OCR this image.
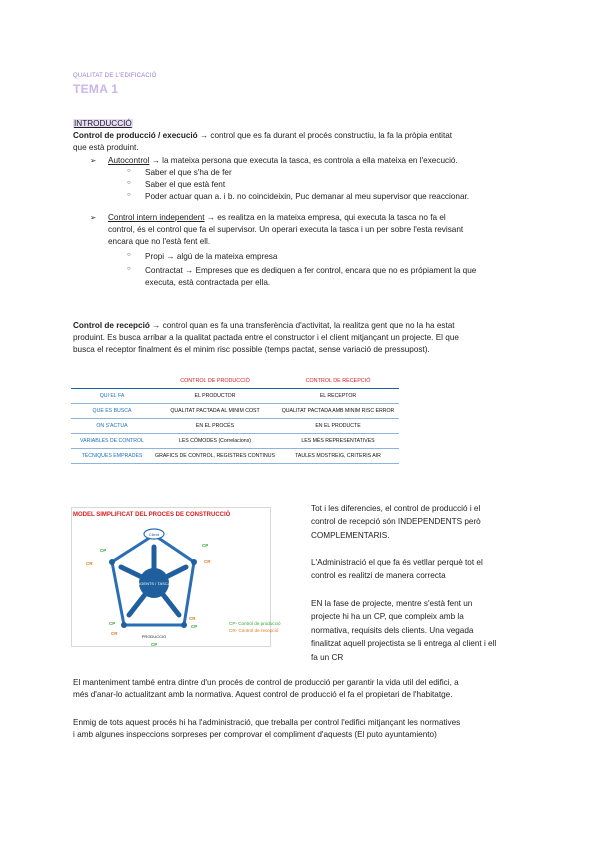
QUALITAT DE L'EDIFICACIÓ
TEMA 1
INTRODUCCIÓ
Control de producció / execució → control que es fa durant el procés constructiu, la fa la pròpia entitat
que està produint.
➢ Autocontrol → la mateixa persona que executa la tasca, es controla a ella mateixa en l'execució.
○ Saber el que s'ha de fer
○ Saber el que està fent
○ Poder actuar quan a. i b. no coincideixin, Puc demanar al meu supervisor que reaccionar.
➢ Control intern independent → es realitza en la mateixa empresa, qui executa la tasca no fa el
control, és el control que fa el supervisor. Un operari executa la tasca i un per sobre l'esta revisant
encara que no l'està fent ell.
○ Propi → algú de la mateixa empresa
○ Contractat → Empreses que es dediquen a fer control, encara que no es própiament la que
executa, està contractada per ella.
Control de recepció → control quan es fa una transferència d'activitat, la realitza gent que no la ha estat
produint. Es busca arribar a la qualitat pactada entre el constructor i el client mitjançant un projecte. El que
busca el receptor finalment és el minim risc possible (temps pactat, sense variació de pressupost).
	CONTROL DE PRODUCCIÓ	CONTROL DE RECEPCIÓ
QUI EL FA	EL PRODUCTOR	EL RECEPTOR
QUE ES BUSCA	QUALITAT PACTADA AL MINIM COST	QUALITAT PACTADA AMB MINIM RISC ERROR
ON S'ACTUA	EN EL PROCÉS	EN EL PRODUCTE
VARIABLES DE CONTROL	LES CÓMODES (Correlacions)	LES MÉS REPRESENTATIVES
TÉCNIQUES EMPRADES	GRAFICS DE CONTROL, REGISTRES CONTINUS	TAULES MOSTREIG, CRITERIS AIR
MODEL SIMPLIFICAT DEL PROCES DE CONSTRUCCIÓ
AGENTS / TASCA
Client
PRODUCCIO
CP
CR
CP
CR
CP
CR
CP
CR
CP
CP- Control de producció
CR- Control de recepció
Tot i les diferencies, el control de producció i el
control de recepció són INDEPENDENTS però
COMPLEMENTARIS.
L'Administració el que fa és vetllar perquè tot el
control es realitzi de manera correcta
EN la fase de projecte, mentre s'està fent un
projecte hi ha un CP, que compleix amb la
normativa, requisits dels clients. Una vegada
finalitzat aquell projectista se li entrega al client i ell
fa un CR
El manteniment també entra dintre d'un procés de control de producció per garantir la vida util del edifici, a
més d'anar-lo actualitzant amb la normativa. Aquest control de producció el fa el propietari de l'habitatge.
Enmig de tots aquest procés hi ha l'administració, que treballa per control l'edifici mitjançant les normatives
i amb algunes inspeccions sorpreses per comprovar el compliment d'aquests (El puto ayuntamiento)
